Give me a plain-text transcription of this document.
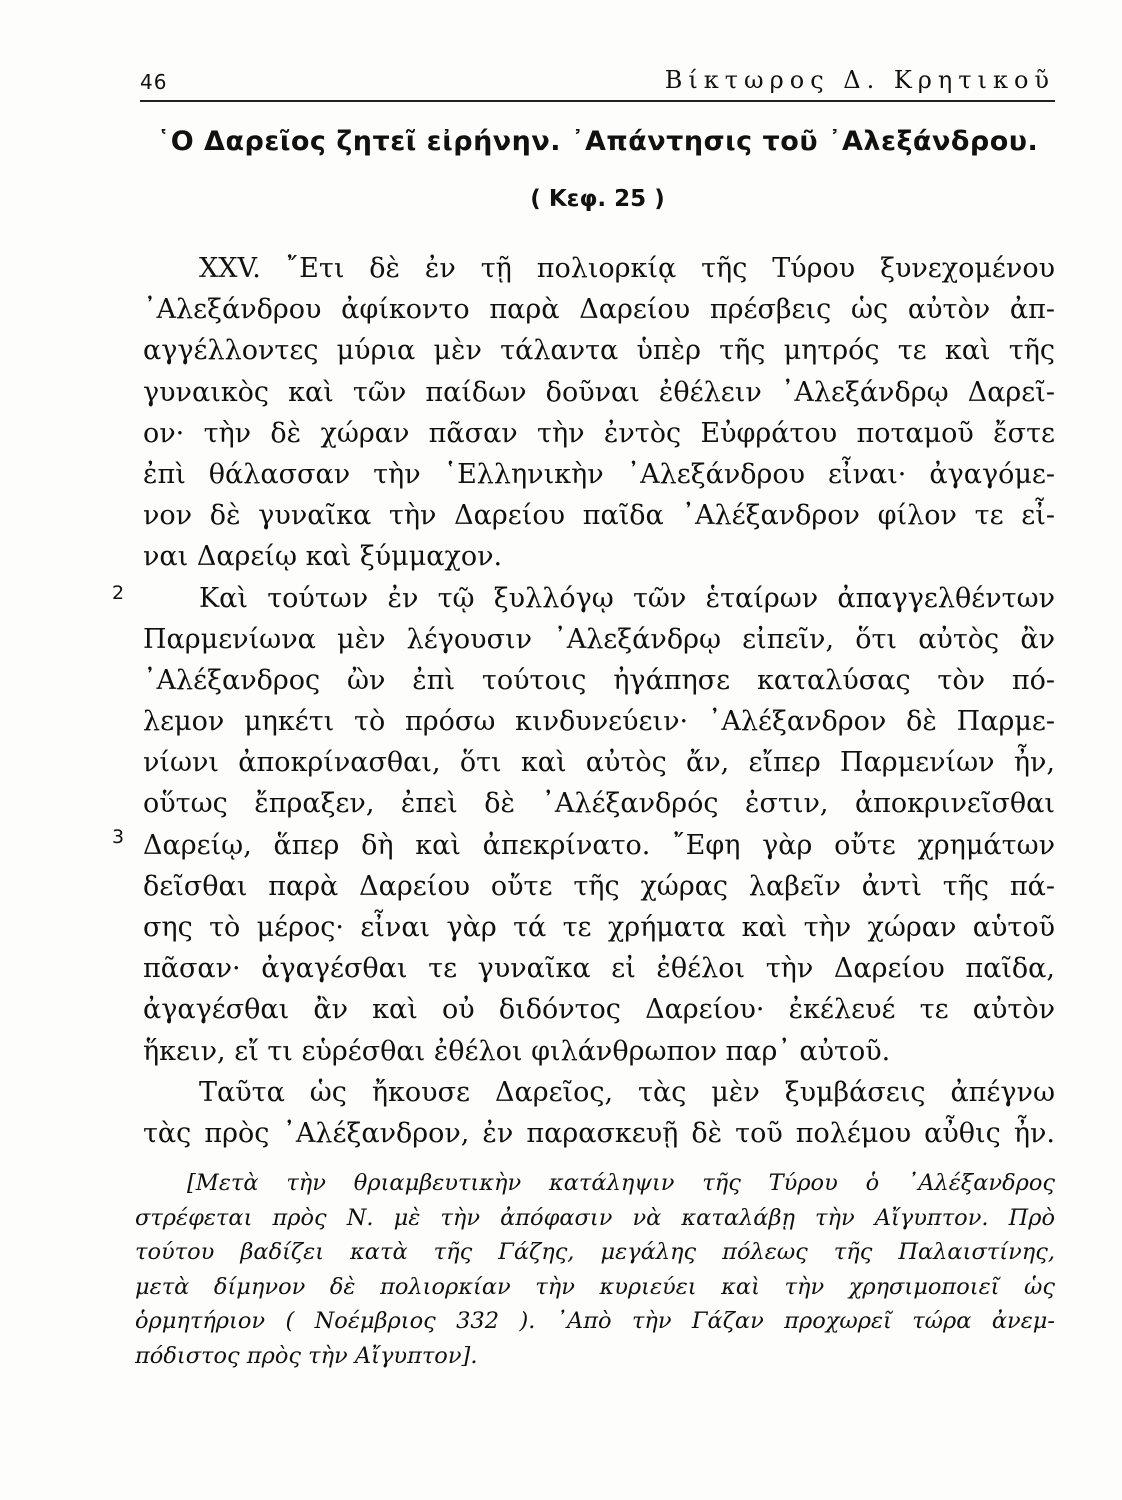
46	Βίκτωρος Δ. Κρητικοῦ
῾Ο Δαρεῖος ζητεῖ εἰρήνην. ᾿Απάντησις τοῦ ᾿Αλεξάνδρου.
( Κεφ. 25 )
2
3
XXV. ῎Ετι δὲ ἐν τῇ πολιορκίᾳ τῆς Τύρου ξυνεχομένου
᾿Αλεξάνδρου ἀφίκοντο παρὰ Δαρείου πρέσβεις ὡς αὐτὸν ἀπ-
αγγέλλοντες μύρια μὲν τάλαντα ὑπὲρ τῆς μητρός τε καὶ τῆς
γυναικὸς καὶ τῶν παίδων δοῦναι ἐθέλειν ᾿Αλεξάνδρῳ Δαρεῖ-
ον· τὴν δὲ χώραν πᾶσαν τὴν ἐντὸς Εὐφράτου ποταμοῦ ἔστε
ἐπὶ θάλασσαν τὴν ῾Ελληνικὴν ᾿Αλεξάνδρου εἶναι· ἀγαγόμε-
νον δὲ γυναῖκα τὴν Δαρείου παῖδα ᾿Αλέξανδρον φίλον τε εἶ-
ναι Δαρείῳ καὶ ξύμμαχον.
Καὶ τούτων ἐν τῷ ξυλλόγῳ τῶν ἑταίρων ἀπαγγελθέντων
Παρμενίωνα μὲν λέγουσιν ᾿Αλεξάνδρῳ εἰπεῖν, ὅτι αὐτὸς ἂν
᾿Αλέξανδρος ὢν ἐπὶ τούτοις ἠγάπησε καταλύσας τὸν πό-
λεμον μηκέτι τὸ πρόσω κινδυνεύειν· ᾿Αλέξανδρον δὲ Παρμε-
νίωνι ἀποκρίνασθαι, ὅτι καὶ αὐτὸς ἄν, εἴπερ Παρμενίων ἦν,
οὕτως ἔπραξεν, ἐπεὶ δὲ ᾿Αλέξανδρός ἐστιν, ἀποκρινεῖσθαι
Δαρείῳ, ἅπερ δὴ καὶ ἀπεκρίνατο. ῎Εφη γὰρ οὔτε χρημάτων
δεῖσθαι παρὰ Δαρείου οὔτε τῆς χώρας λαβεῖν ἀντὶ τῆς πά-
σης τὸ μέρος· εἶναι γὰρ τά τε χρήματα καὶ τὴν χώραν αὑτοῦ
πᾶσαν· ἀγαγέσθαι τε γυναῖκα εἰ ἐθέλοι τὴν Δαρείου παῖδα,
ἀγαγέσθαι ἂν καὶ οὐ διδόντος Δαρείου· ἐκέλευέ τε αὐτὸν
ἥκειν, εἴ τι εὑρέσθαι ἐθέλοι φιλάνθρωπον παρ᾿ αὐτοῦ.
Ταῦτα ὡς ἤκουσε Δαρεῖος, τὰς μὲν ξυμβάσεις ἀπέγνω
τὰς πρὸς ᾿Αλέξανδρον, ἐν παρασκευῇ δὲ τοῦ πολέμου αὖθις ἦν.
[Μετὰ τὴν θριαμβευτικὴν κατάληψιν τῆς Τύρου ὁ ᾿Αλέξανδρος
στρέφεται πρὸς Ν. μὲ τὴν ἀπόφασιν νὰ καταλάβῃ τὴν Αἴγυπτον. Πρὸ
τούτου βαδίζει κατὰ τῆς Γάζης, μεγάλης πόλεως τῆς Παλαιστίνης,
μετὰ δίμηνον δὲ πολιορκίαν τὴν κυριεύει καὶ τὴν χρησιμοποιεῖ ὡς
ὁρμητήριον ( Νοέμβριος 332 ). ᾿Απὸ τὴν Γάζαν προχωρεῖ τώρα ἀνεμ-
πόδιστος πρὸς τὴν Αἴγυπτον].
